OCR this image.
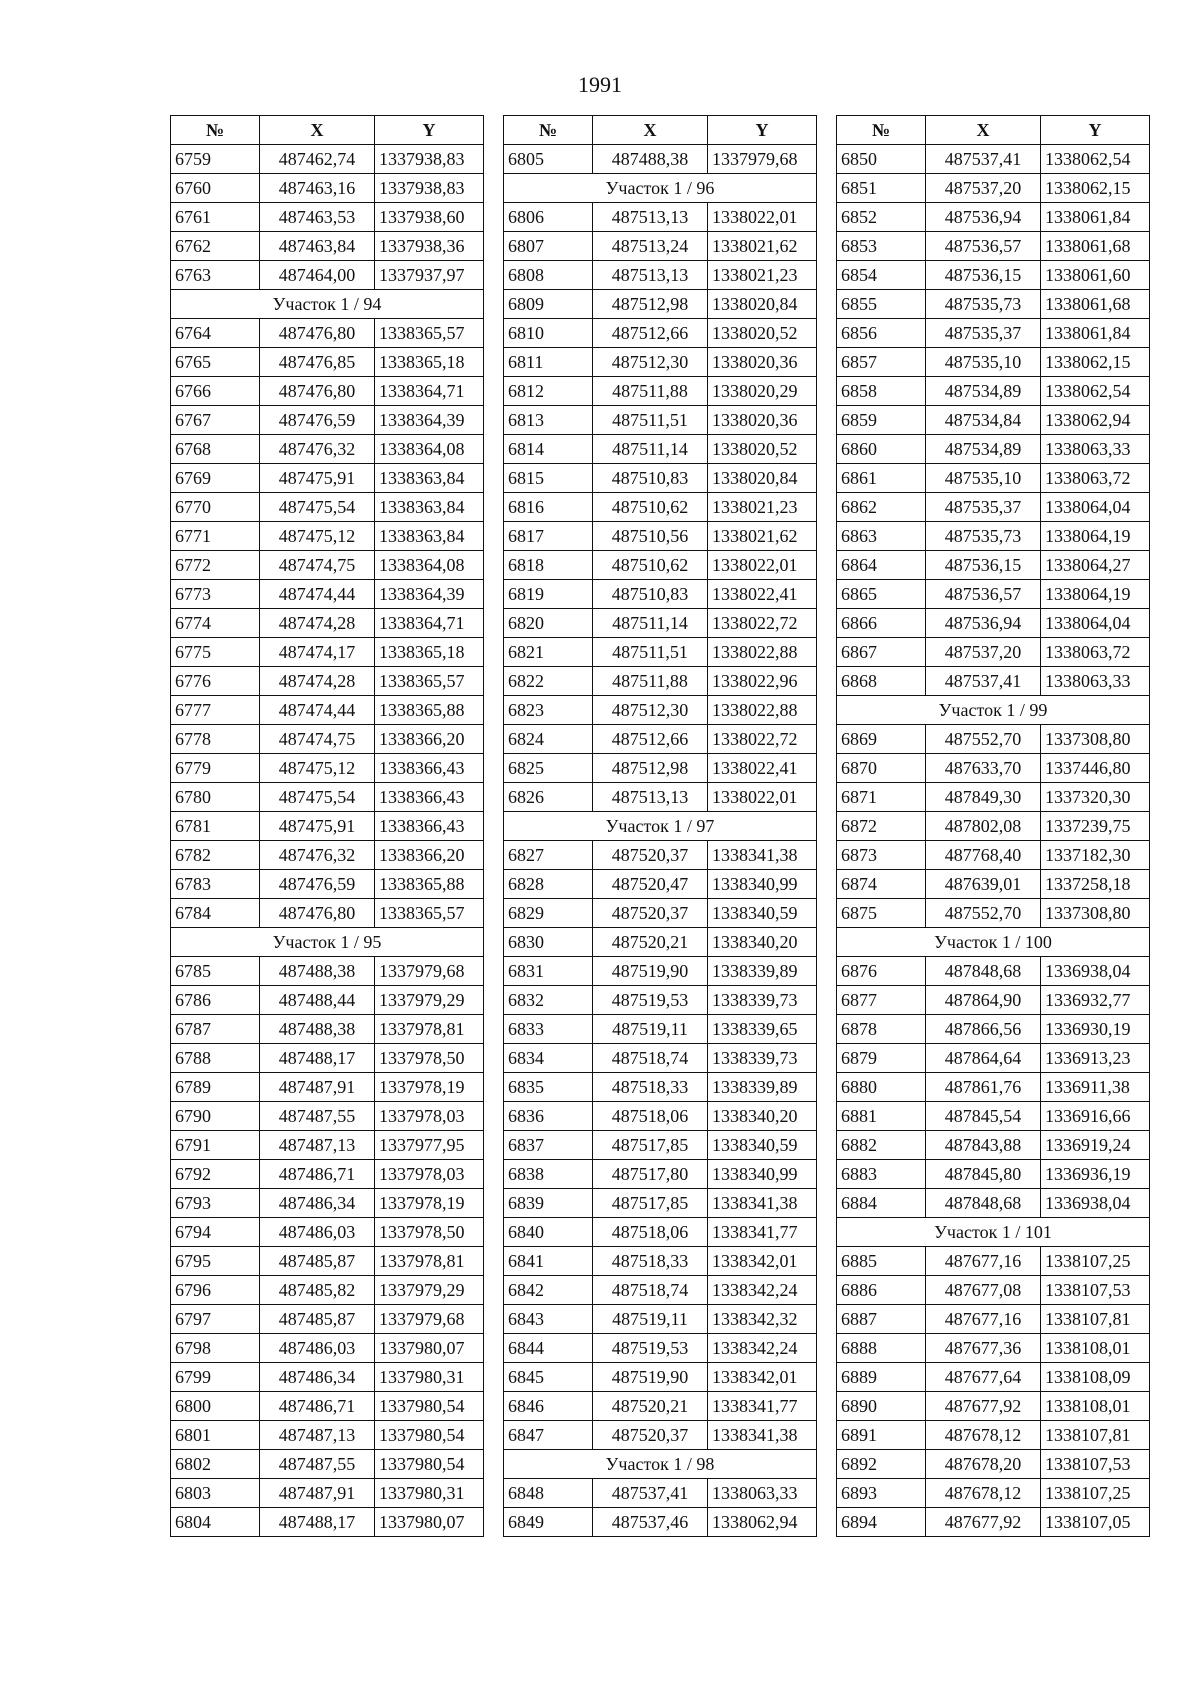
1991
№	X	Y
6759	487462,74	1337938,83
6760	487463,16	1337938,83
6761	487463,53	1337938,60
6762	487463,84	1337938,36
6763	487464,00	1337937,97
Участок 1 / 94		
6764	487476,80	1338365,57
6765	487476,85	1338365,18
6766	487476,80	1338364,71
6767	487476,59	1338364,39
6768	487476,32	1338364,08
6769	487475,91	1338363,84
6770	487475,54	1338363,84
6771	487475,12	1338363,84
6772	487474,75	1338364,08
6773	487474,44	1338364,39
6774	487474,28	1338364,71
6775	487474,17	1338365,18
6776	487474,28	1338365,57
6777	487474,44	1338365,88
6778	487474,75	1338366,20
6779	487475,12	1338366,43
6780	487475,54	1338366,43
6781	487475,91	1338366,43
6782	487476,32	1338366,20
6783	487476,59	1338365,88
6784	487476,80	1338365,57
Участок 1 / 95		
6785	487488,38	1337979,68
6786	487488,44	1337979,29
6787	487488,38	1337978,81
6788	487488,17	1337978,50
6789	487487,91	1337978,19
6790	487487,55	1337978,03
6791	487487,13	1337977,95
6792	487486,71	1337978,03
6793	487486,34	1337978,19
6794	487486,03	1337978,50
6795	487485,87	1337978,81
6796	487485,82	1337979,29
6797	487485,87	1337979,68
6798	487486,03	1337980,07
6799	487486,34	1337980,31
6800	487486,71	1337980,54
6801	487487,13	1337980,54
6802	487487,55	1337980,54
6803	487487,91	1337980,31
6804	487488,17	1337980,07
№	X	Y
6805	487488,38	1337979,68
Участок 1 / 96		
6806	487513,13	1338022,01
6807	487513,24	1338021,62
6808	487513,13	1338021,23
6809	487512,98	1338020,84
6810	487512,66	1338020,52
6811	487512,30	1338020,36
6812	487511,88	1338020,29
6813	487511,51	1338020,36
6814	487511,14	1338020,52
6815	487510,83	1338020,84
6816	487510,62	1338021,23
6817	487510,56	1338021,62
6818	487510,62	1338022,01
6819	487510,83	1338022,41
6820	487511,14	1338022,72
6821	487511,51	1338022,88
6822	487511,88	1338022,96
6823	487512,30	1338022,88
6824	487512,66	1338022,72
6825	487512,98	1338022,41
6826	487513,13	1338022,01
Участок 1 / 97		
6827	487520,37	1338341,38
6828	487520,47	1338340,99
6829	487520,37	1338340,59
6830	487520,21	1338340,20
6831	487519,90	1338339,89
6832	487519,53	1338339,73
6833	487519,11	1338339,65
6834	487518,74	1338339,73
6835	487518,33	1338339,89
6836	487518,06	1338340,20
6837	487517,85	1338340,59
6838	487517,80	1338340,99
6839	487517,85	1338341,38
6840	487518,06	1338341,77
6841	487518,33	1338342,01
6842	487518,74	1338342,24
6843	487519,11	1338342,32
6844	487519,53	1338342,24
6845	487519,90	1338342,01
6846	487520,21	1338341,77
6847	487520,37	1338341,38
Участок 1 / 98		
6848	487537,41	1338063,33
6849	487537,46	1338062,94
№	X	Y
6850	487537,41	1338062,54
6851	487537,20	1338062,15
6852	487536,94	1338061,84
6853	487536,57	1338061,68
6854	487536,15	1338061,60
6855	487535,73	1338061,68
6856	487535,37	1338061,84
6857	487535,10	1338062,15
6858	487534,89	1338062,54
6859	487534,84	1338062,94
6860	487534,89	1338063,33
6861	487535,10	1338063,72
6862	487535,37	1338064,04
6863	487535,73	1338064,19
6864	487536,15	1338064,27
6865	487536,57	1338064,19
6866	487536,94	1338064,04
6867	487537,20	1338063,72
6868	487537,41	1338063,33
Участок 1 / 99		
6869	487552,70	1337308,80
6870	487633,70	1337446,80
6871	487849,30	1337320,30
6872	487802,08	1337239,75
6873	487768,40	1337182,30
6874	487639,01	1337258,18
6875	487552,70	1337308,80
Участок 1 / 100		
6876	487848,68	1336938,04
6877	487864,90	1336932,77
6878	487866,56	1336930,19
6879	487864,64	1336913,23
6880	487861,76	1336911,38
6881	487845,54	1336916,66
6882	487843,88	1336919,24
6883	487845,80	1336936,19
6884	487848,68	1336938,04
Участок 1 / 101		
6885	487677,16	1338107,25
6886	487677,08	1338107,53
6887	487677,16	1338107,81
6888	487677,36	1338108,01
6889	487677,64	1338108,09
6890	487677,92	1338108,01
6891	487678,12	1338107,81
6892	487678,20	1338107,53
6893	487678,12	1338107,25
6894	487677,92	1338107,05
